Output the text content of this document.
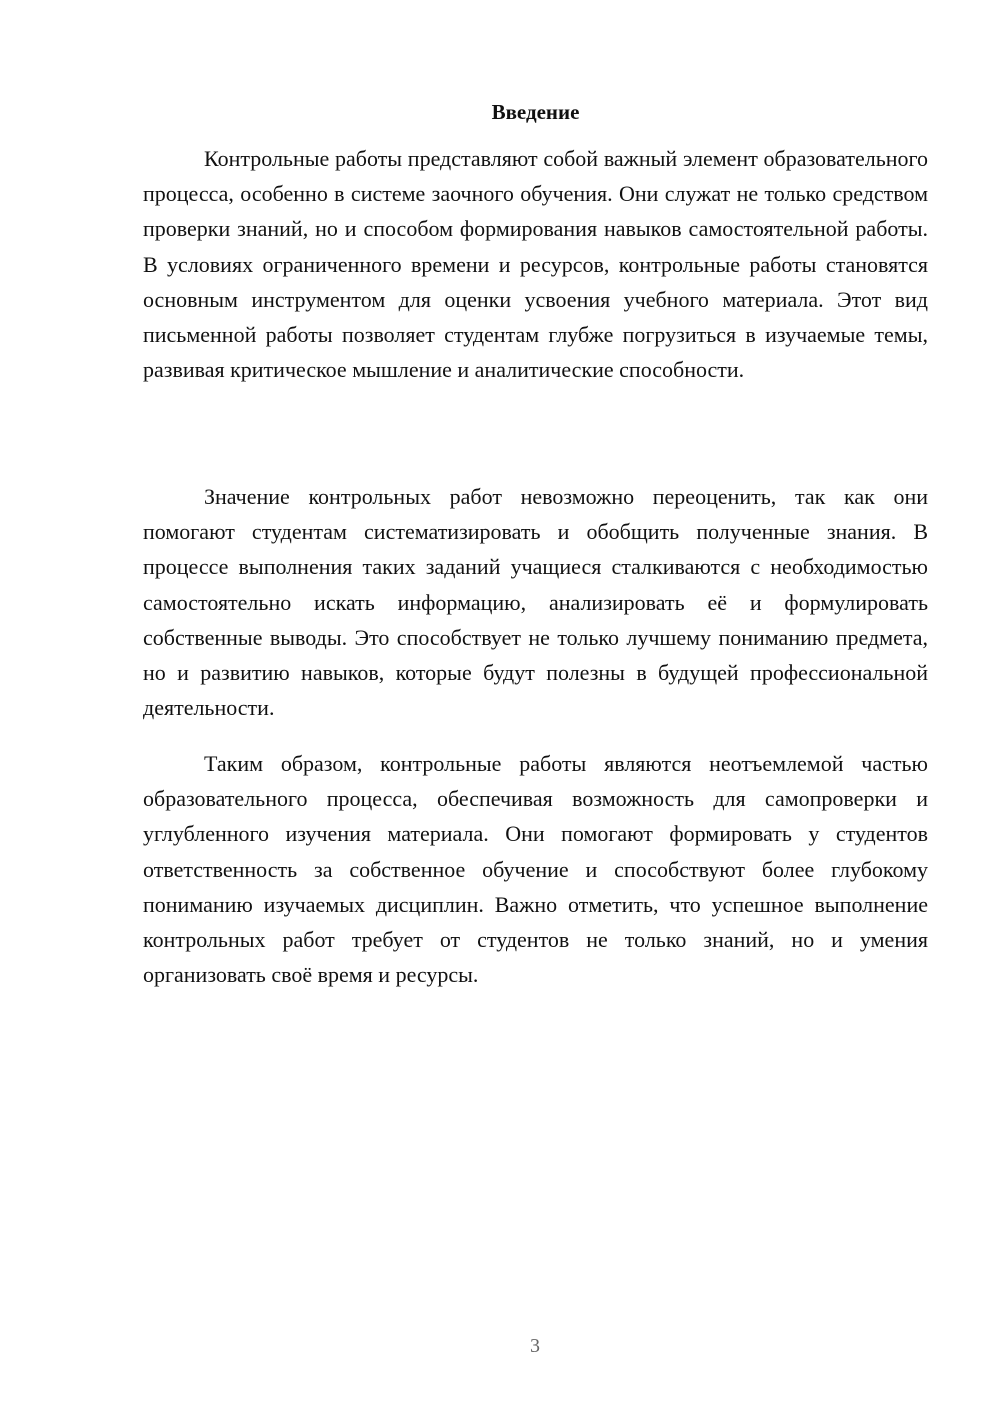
Введение

Контрольные работы представляют собой важный элемент образовательного процесса, особенно в системе заочного обучения. Они служат не только средством проверки знаний, но и способом формирования навыков самостоятельной работы. В условиях ограниченного времени и ресурсов, контрольные работы становятся основным инструментом для оценки усвоения учебного материала. Этот вид письменной работы позволяет студентам глубже погрузиться в изучаемые темы, развивая критическое мышление и аналитические способности.

Значение контрольных работ невозможно переоценить, так как они помогают студентам систематизировать и обобщить полученные знания. В процессе выполнения таких заданий учащиеся сталкиваются с необходимостью самостоятельно искать информацию, анализировать её и формулировать собственные выводы. Это способствует не только лучшему пониманию предмета, но и развитию навыков, которые будут полезны в будущей профессиональной деятельности.

Таким образом, контрольные работы являются неотъемлемой частью образовательного процесса, обеспечивая возможность для самопроверки и углубленного изучения материала. Они помогают формировать у студентов ответственность за собственное обучение и способствуют более глубокому пониманию изучаемых дисциплин. Важно отметить, что успешное выполнение контрольных работ требует от студентов не только знаний, но и умения организовать своё время и ресурсы.

3
